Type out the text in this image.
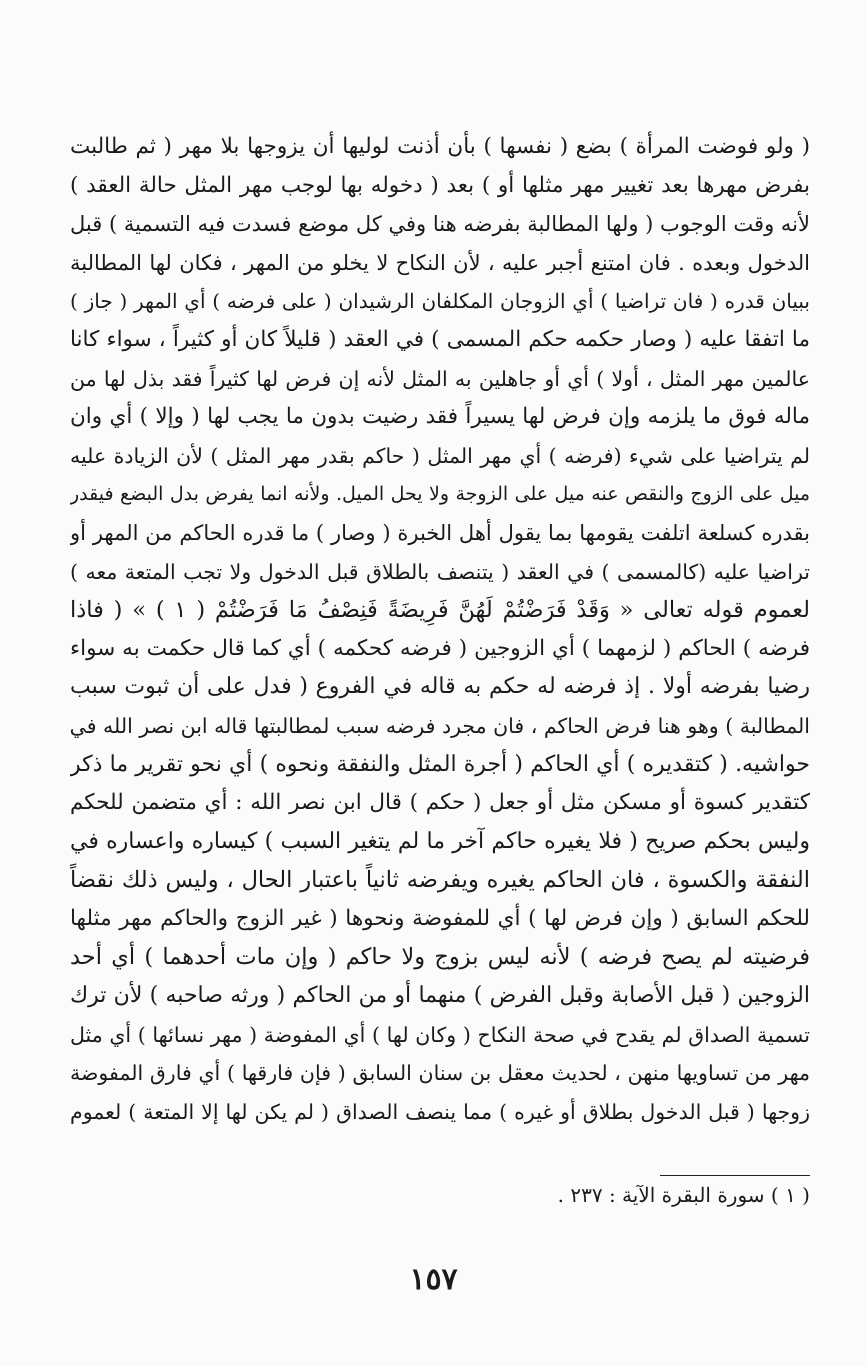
( ولو فوضت المرأة ) بضع ( نفسها ) بأن أذنت لوليها أن يزوجها بلا مهر ( ثم طالبت
بفرض مهرها بعد تغيير مهر مثلها أو ) بعد ( دخوله بها لوجب مهر المثل حالة العقد )
لأنه وقت الوجوب ( ولها المطالبة بفرضه هنا وفي كل موضع فسدت فيه التسمية ) قبل
الدخول وبعده . فان امتنع أجبر عليه ، لأن النكاح لا يخلو من المهر ، فكان لها المطالبة
ببيان قدره ( فان تراضيا ) أي الزوجان المكلفان الرشيدان ( على فرضه ) أي المهر ( جاز )
ما اتفقا عليه ( وصار حكمه حكم المسمى ) في العقد ( قليلاً كان أو كثيراً ، سواء كانا
عالمين مهر المثل ، أولا ) أي أو جاهلين به المثل لأنه إن فرض لها كثيراً فقد بذل لها من
ماله فوق ما يلزمه وإن فرض لها يسيراً فقد رضيت بدون ما يجب لها ( وإلا ) أي وان
لم يتراضيا على شيء (فرضه ) أي مهر المثل ( حاكم بقدر مهر المثل ) لأن الزيادة عليه
ميل على الزوج والنقص عنه ميل على الزوجة ولا يحل الميل. ولأنه انما يفرض بدل البضع فيقدر
بقدره كسلعة اتلفت يقومها بما يقول أهل الخبرة ( وصار ) ما قدره الحاكم من المهر أو
تراضيا عليه (كالمسمى ) في العقد ( يتنصف بالطلاق قبل الدخول ولا تجب المتعة معه )
لعموم قوله تعالى « وَقَدْ فَرَضْتُمْ لَهُنَّ فَرِيضَةً فَنِصْفُ مَا فَرَضْتُمْ ( ١ ) » ( فاذا
فرضه ) الحاكم ( لزمهما ) أي الزوجين ( فرضه كحكمه ) أي كما قال حكمت به سواء
رضيا بفرضه أولا . إذ فرضه له حكم به قاله في الفروع ( فدل على أن ثبوت سبب
المطالبة ) وهو هنا فرض الحاكم ، فان مجرد فرضه سبب لمطالبتها قاله ابن نصر الله في
حواشيه. ( كتقديره ) أي الحاكم ( أجرة المثل والنفقة ونحوه ) أي نحو تقرير ما ذكر
كتقدير كسوة أو مسكن مثل أو جعل ( حكم ) قال ابن نصر الله : أي متضمن للحكم
وليس بحكم صريح ( فلا يغيره حاكم آخر ما لم يتغير السبب ) كيساره واعساره في
النفقة والكسوة ، فان الحاكم يغيره ويفرضه ثانياً باعتبار الحال ، وليس ذلك نقضاً
للحكم السابق ( وإن فرض لها ) أي للمفوضة ونحوها ( غير الزوج والحاكم مهر مثلها
فرضيته لم يصح فرضه ) لأنه ليس بزوج ولا حاكم ( وإن مات أحدهما ) أي أحد
الزوجين ( قبل الأصابة وقبل الفرض ) منهما أو من الحاكم ( ورثه صاحبه ) لأن ترك
تسمية الصداق لم يقدح في صحة النكاح ( وكان لها ) أي المفوضة ( مهر نسائها ) أي مثل
مهر من تساويها منهن ، لحديث معقل بن سنان السابق ( فإن فارقها ) أي فارق المفوضة
زوجها ( قبل الدخول بطلاق أو غيره ) مما ينصف الصداق ( لم يكن لها إلا المتعة ) لعموم
( ١ ) سورة البقرة الآية : ٢٣٧ .
١٥٧
